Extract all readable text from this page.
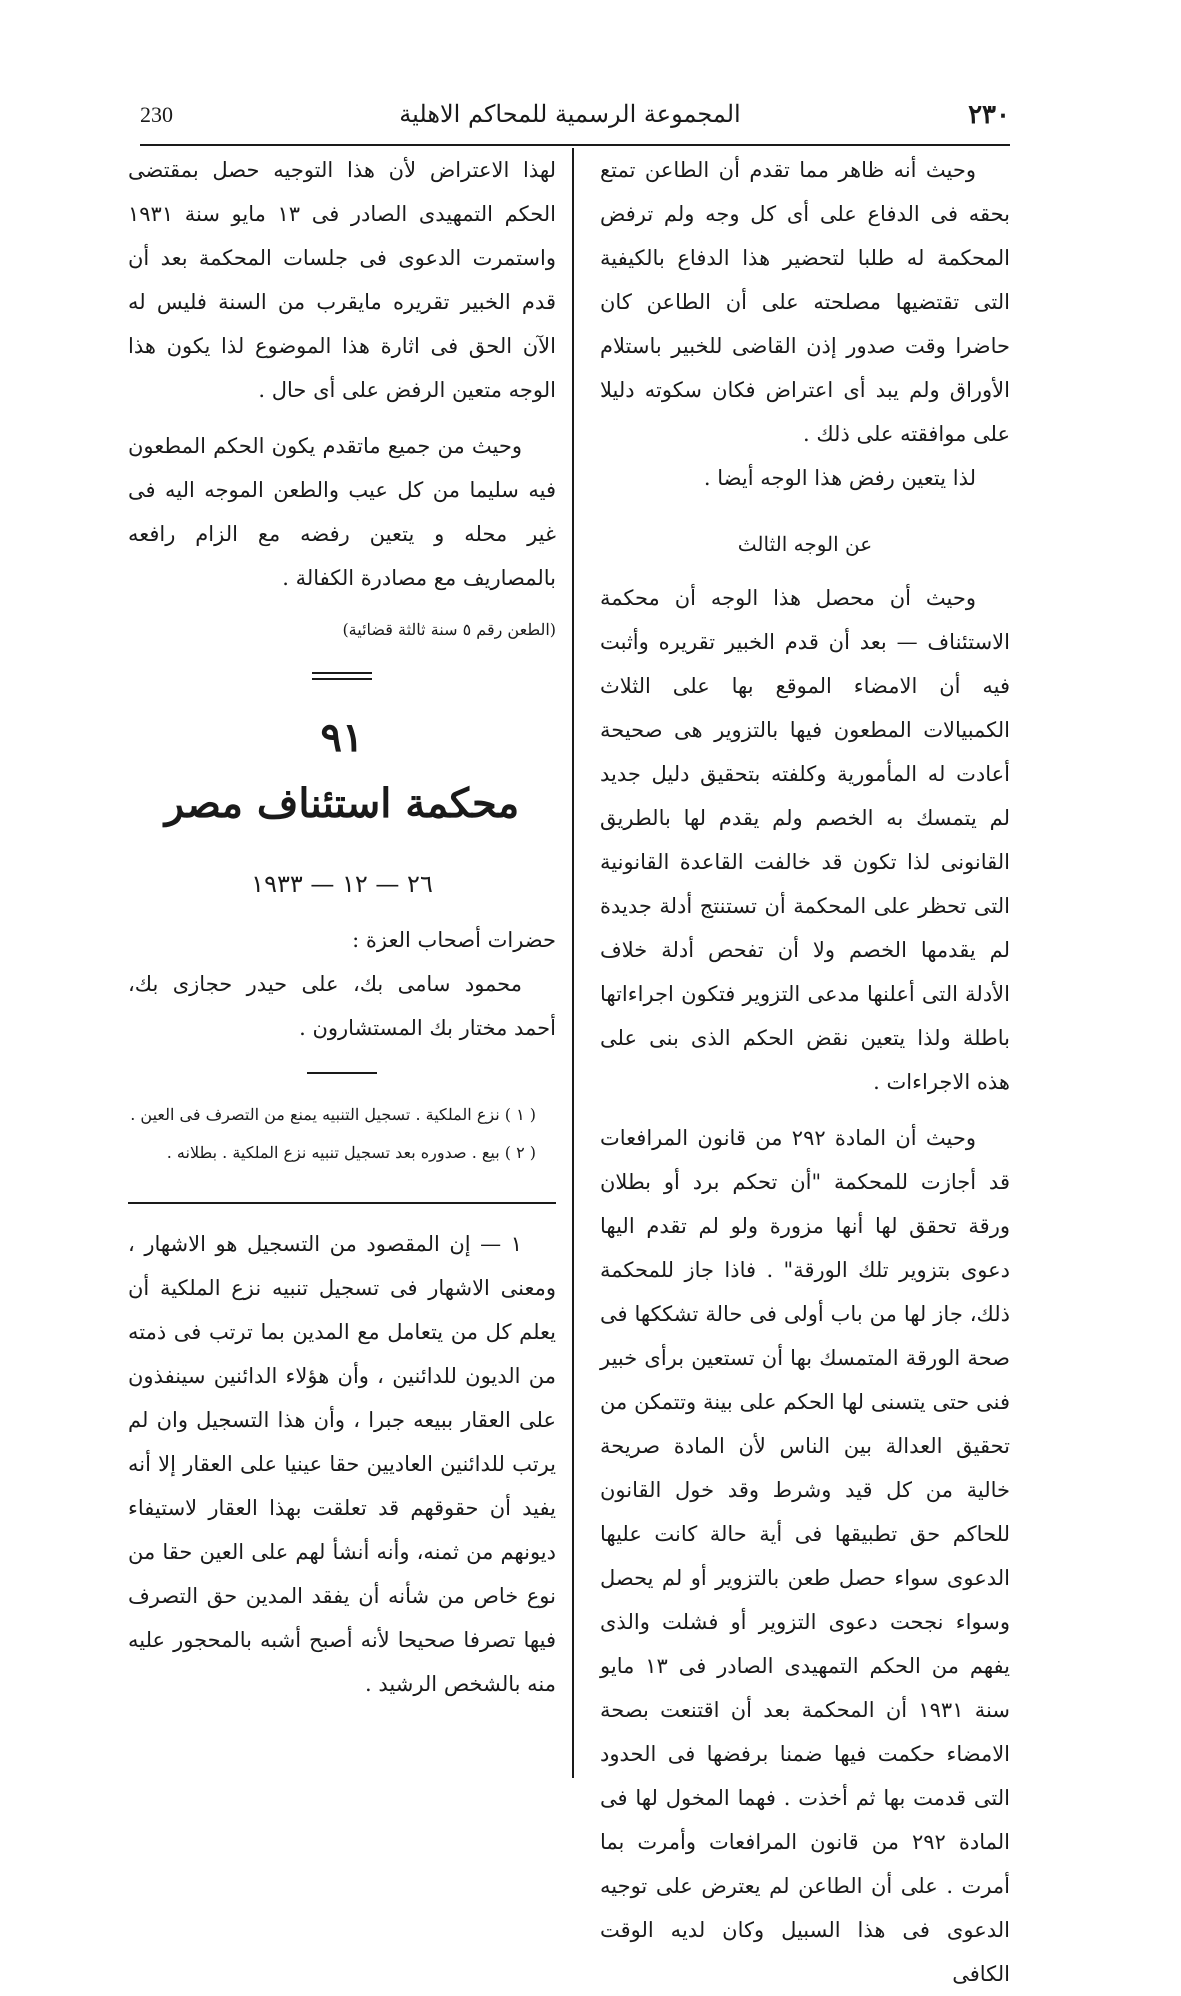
230	المجموعة الرسمية للمحاكم الاهلية	٢٣٠

وحيث أنه ظاهر مما تقدم أن الطاعن تمتع بحقه فى الدفاع على أى كل وجه ولم ترفض المحكمة له طلبا لتحضير هذا الدفاع بالكيفية التى تقتضيها مصلحته على أن الطاعن كان حاضرا وقت صدور إذن القاضى للخبير باستلام الأوراق ولم يبد أى اعتراض فكان سكوته دليلا على موافقته على ذلك .

لذا يتعين رفض هذا الوجه أيضا .

عن الوجه الثالث

وحيث أن محصل هذا الوجه أن محكمة الاستئناف — بعد أن قدم الخبير تقريره وأثبت فيه أن الامضاء الموقع بها على الثلاث الكمبيالات المطعون فيها بالتزوير هى صحيحة أعادت له المأمورية وكلفته بتحقيق دليل جديد لم يتمسك به الخصم ولم يقدم لها بالطريق القانونى لذا تكون قد خالفت القاعدة القانونية التى تحظر على المحكمة أن تستنتج أدلة جديدة لم يقدمها الخصم ولا أن تفحص أدلة خلاف الأدلة التى أعلنها مدعى التزوير فتكون اجراءاتها باطلة ولذا يتعين نقض الحكم الذى بنى على هذه الاجراءات .

وحيث أن المادة ٢٩٢ من قانون المرافعات قد أجازت للمحكمة "أن تحكم برد أو بطلان ورقة تحقق لها أنها مزورة ولو لم تقدم اليها دعوى بتزوير تلك الورقة" . فاذا جاز للمحكمة ذلك، جاز لها من باب أولى فى حالة تشككها فى صحة الورقة المتمسك بها أن تستعين برأى خبير فنى حتى يتسنى لها الحكم على بينة وتتمكن من تحقيق العدالة بين الناس لأن المادة صريحة خالية من كل قيد وشرط وقد خول القانون للحاكم حق تطبيقها فى أية حالة كانت عليها الدعوى سواء حصل طعن بالتزوير أو لم يحصل وسواء نجحت دعوى التزوير أو فشلت والذى يفهم من الحكم التمهيدى الصادر فى ١٣ مايو سنة ١٩٣١ أن المحكمة بعد أن اقتنعت بصحة الامضاء حكمت فيها ضمنا برفضها فى الحدود التى قدمت بها ثم أخذت . فهما المخول لها فى المادة ٢٩٢ من قانون المرافعات وأمرت بما أمرت . على أن الطاعن لم يعترض على توجيه الدعوى فى هذا السبيل وكان لديه الوقت الكافى

لهذا الاعتراض لأن هذا التوجيه حصل بمقتضى الحكم التمهيدى الصادر فى ١٣ مايو سنة ١٩٣١ واستمرت الدعوى فى جلسات المحكمة بعد أن قدم الخبير تقريره مايقرب من السنة فليس له الآن الحق فى اثارة هذا الموضوع لذا يكون هذا الوجه متعين الرفض على أى حال .

وحيث من جميع ماتقدم يكون الحكم المطعون فيه سليما من كل عيب والطعن الموجه اليه فى غير محله و يتعين رفضه مع الزام رافعه بالمصاريف مع مصادرة الكفالة .

(الطعن رقم ٥ سنة ثالثة قضائية)

٩١

محكمة استئناف مصر

٢٦ — ١٢ — ١٩٣٣

حضرات أصحاب العزة :

محمود سامى بك، على حيدر حجازى بك، أحمد مختار بك المستشارون .

( ١ ) نزع الملكية . تسجيل التنبيه يمنع من التصرف فى العين .

( ٢ ) بيع . صدوره بعد تسجيل تنبيه نزع الملكية . بطلانه .

١ — إن المقصود من التسجيل هو الاشهار ، ومعنى الاشهار فى تسجيل تنبيه نزع الملكية أن يعلم كل من يتعامل مع المدين بما ترتب فى ذمته من الديون للدائنين ، وأن هؤلاء الدائنين سينفذون على العقار ببيعه جبرا ، وأن هذا التسجيل وان لم يرتب للدائنين العاديين حقا عينيا على العقار إلا أنه يفيد أن حقوقهم قد تعلقت بهذا العقار لاستيفاء ديونهم من ثمنه، وأنه أنشأ لهم على العين حقا من نوع خاص من شأنه أن يفقد المدين حق التصرف فيها تصرفا صحيحا لأنه أصبح أشبه بالمحجور عليه منه بالشخص الرشيد .
